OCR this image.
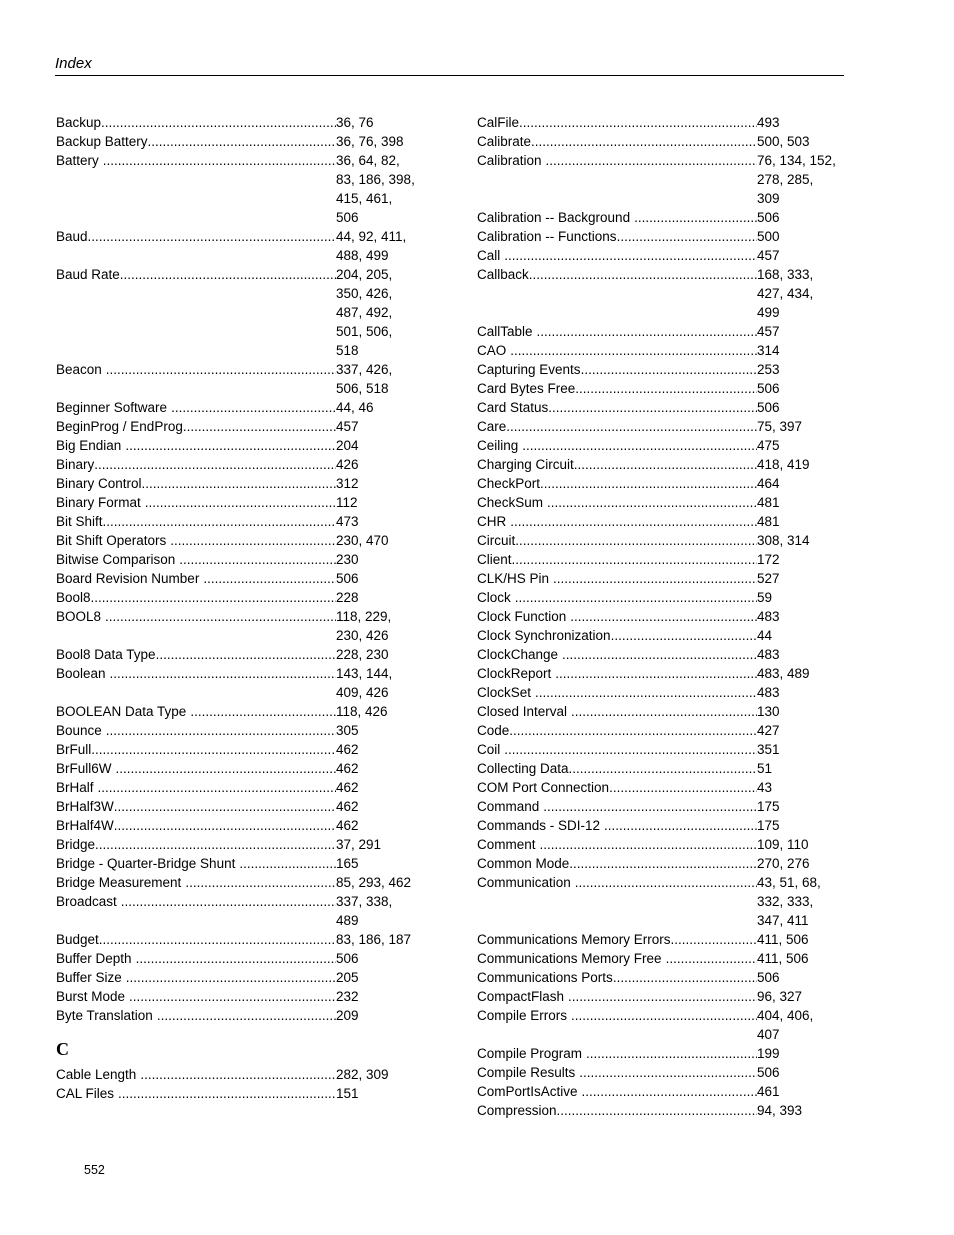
Index
Backup .....	36, 76
Backup Battery .....	36, 76, 398
Battery .....	36, 64, 82,
83, 186, 398,
415, 461,
506
Baud .....	44, 92, 411,
488, 499
Baud Rate .....	204, 205,
350, 426,
487, 492,
501, 506,
518
Beacon .....	337, 426,
506, 518
Beginner Software .....	44, 46
BeginProg / EndProg .....	457
Big Endian .....	204
Binary .....	426
Binary Control .....	312
Binary Format .....	112
Bit Shift .....	473
Bit Shift Operators .....	230, 470
Bitwise Comparison .....	230
Board Revision Number .....	506
Bool8 .....	228
BOOL8 .....	118, 229,
230, 426
Bool8 Data Type .....	228, 230
Boolean .....	143, 144,
409, 426
BOOLEAN Data Type .....	118, 426
Bounce .....	305
BrFull .....	462
BrFull6W .....	462
BrHalf .....	462
BrHalf3W .....	462
BrHalf4W .....	462
Bridge .....	37, 291
Bridge - Quarter-Bridge Shunt .....	165
Bridge Measurement .....	85, 293, 462
Broadcast .....	337, 338,
489
Budget .....	83, 186, 187
Buffer Depth .....	506
Buffer Size .....	205
Burst Mode .....	232
Byte Translation .....	209
C
Cable Length .....	282, 309
CAL Files .....	151
CalFile .....	493
Calibrate .....	500, 503
Calibration .....	76, 134, 152,
278, 285,
309
Calibration -- Background .....	506
Calibration -- Functions .....	500
Call .....	457
Callback .....	168, 333,
427, 434,
499
CallTable .....	457
CAO .....	314
Capturing Events .....	253
Card Bytes Free .....	506
Card Status .....	506
Care .....	75, 397
Ceiling .....	475
Charging Circuit .....	418, 419
CheckPort .....	464
CheckSum .....	481
CHR .....	481
Circuit .....	308, 314
Client .....	172
CLK/HS Pin .....	527
Clock .....	59
Clock Function .....	483
Clock Synchronization .....	44
ClockChange .....	483
ClockReport .....	483, 489
ClockSet .....	483
Closed Interval .....	130
Code .....	427
Coil .....	351
Collecting Data .....	51
COM Port Connection .....	43
Command .....	175
Commands - SDI-12 .....	175
Comment .....	109, 110
Common Mode .....	270, 276
Communication .....	43, 51, 68,
332, 333,
347, 411
Communications Memory Errors .....	411, 506
Communications Memory Free .....	411, 506
Communications Ports .....	506
CompactFlash .....	96, 327
Compile Errors .....	404, 406,
407
Compile Program .....	199
Compile Results .....	506
ComPortIsActive .....	461
Compression .....	94, 393
552
